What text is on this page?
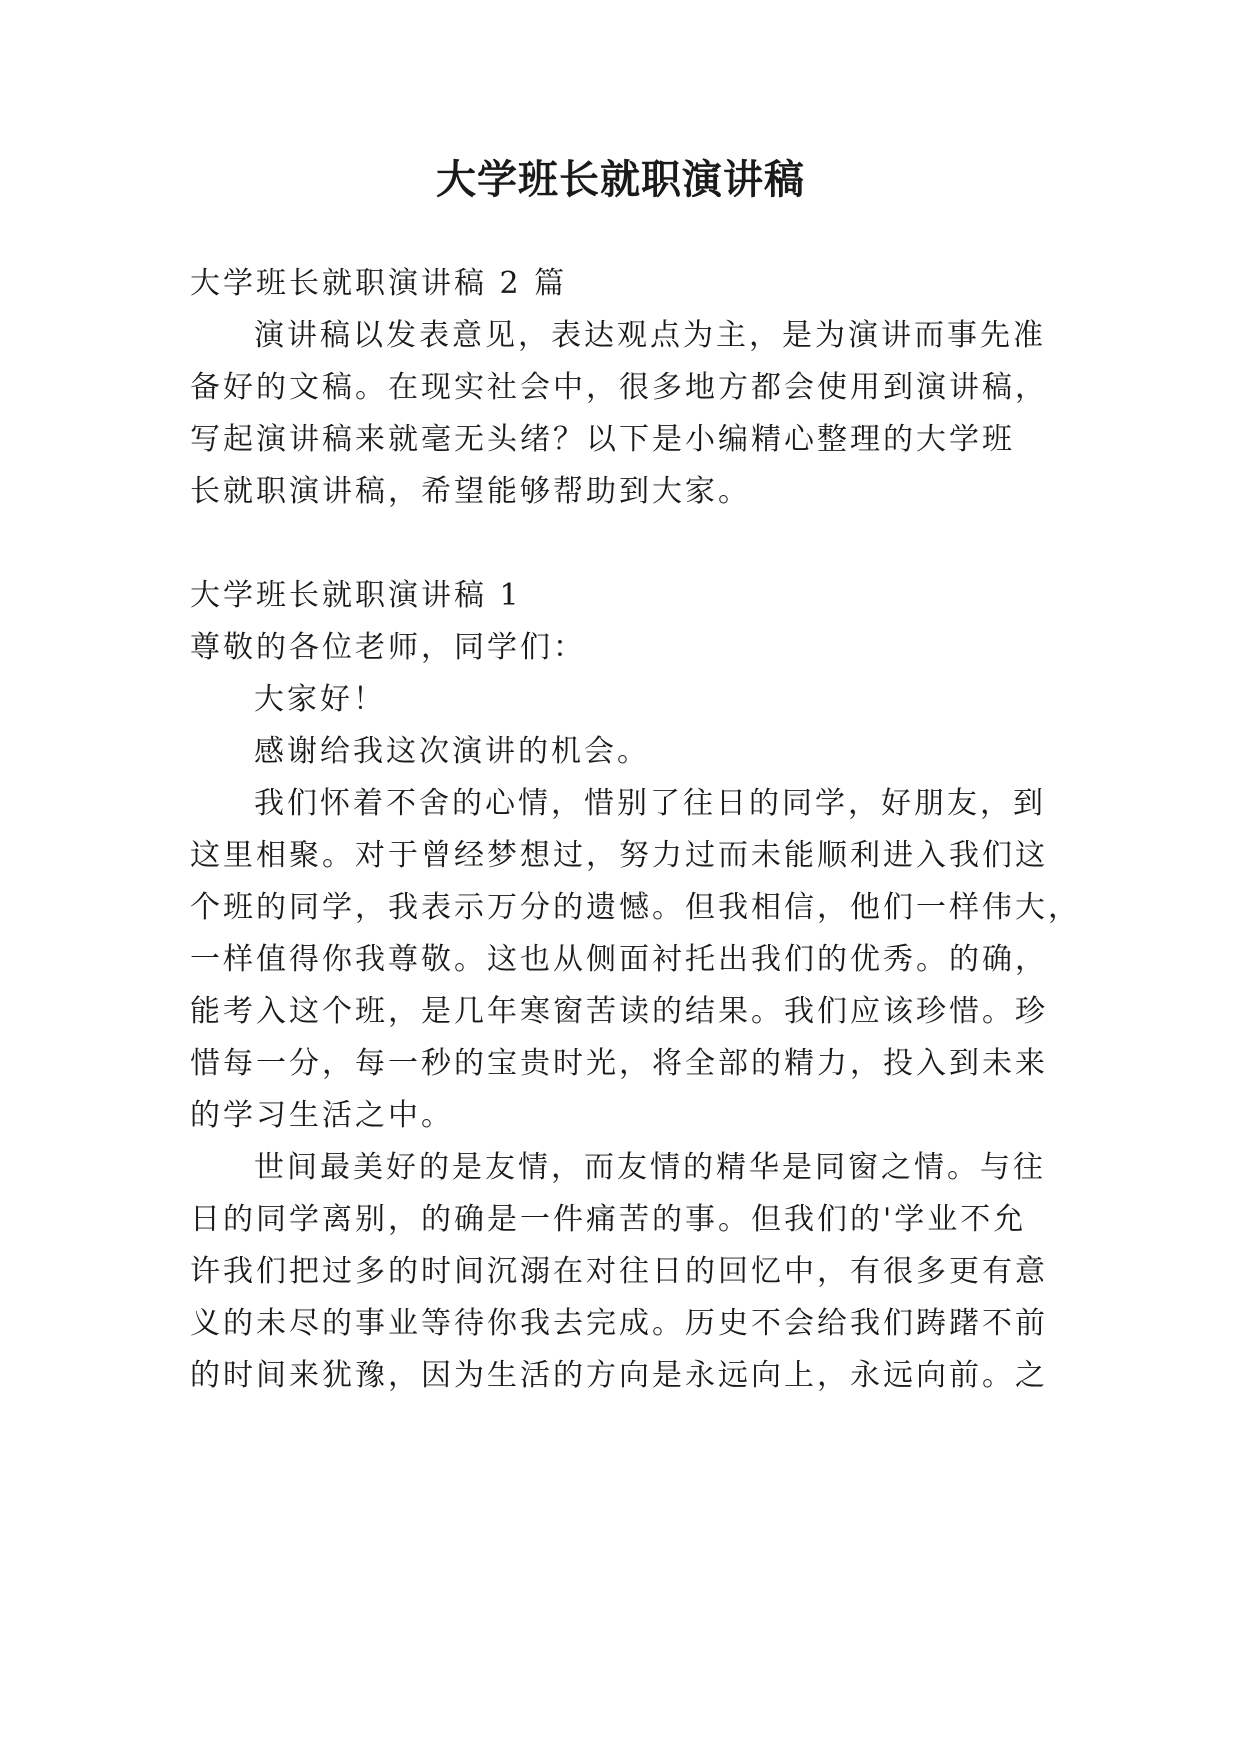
大学班长就职演讲稿

大学班长就职演讲稿 2 篇

演讲稿以发表意见，表达观点为主，是为演讲而事先准

备好的文稿。在现实社会中，很多地方都会使用到演讲稿，

写起演讲稿来就毫无头绪？以下是小编精心整理的大学班

长就职演讲稿，希望能够帮助到大家。

大学班长就职演讲稿 1

尊敬的各位老师，同学们：

大家好！

感谢给我这次演讲的机会。

我们怀着不舍的心情，惜别了往日的同学，好朋友，到

这里相聚。对于曾经梦想过，努力过而未能顺利进入我们这

个班的同学，我表示万分的遗憾。但我相信，他们一样伟大，

一样值得你我尊敬。这也从侧面衬托出我们的优秀。的确，

能考入这个班，是几年寒窗苦读的结果。我们应该珍惜。珍

惜每一分，每一秒的宝贵时光，将全部的精力，投入到未来

的学习生活之中。

世间最美好的是友情，而友情的精华是同窗之情。与往

日的同学离别，的确是一件痛苦的事。但我们的'学业不允

许我们把过多的时间沉溺在对往日的回忆中，有很多更有意

义的未尽的事业等待你我去完成。历史不会给我们踌躇不前

的时间来犹豫，因为生活的方向是永远向上，永远向前。之
